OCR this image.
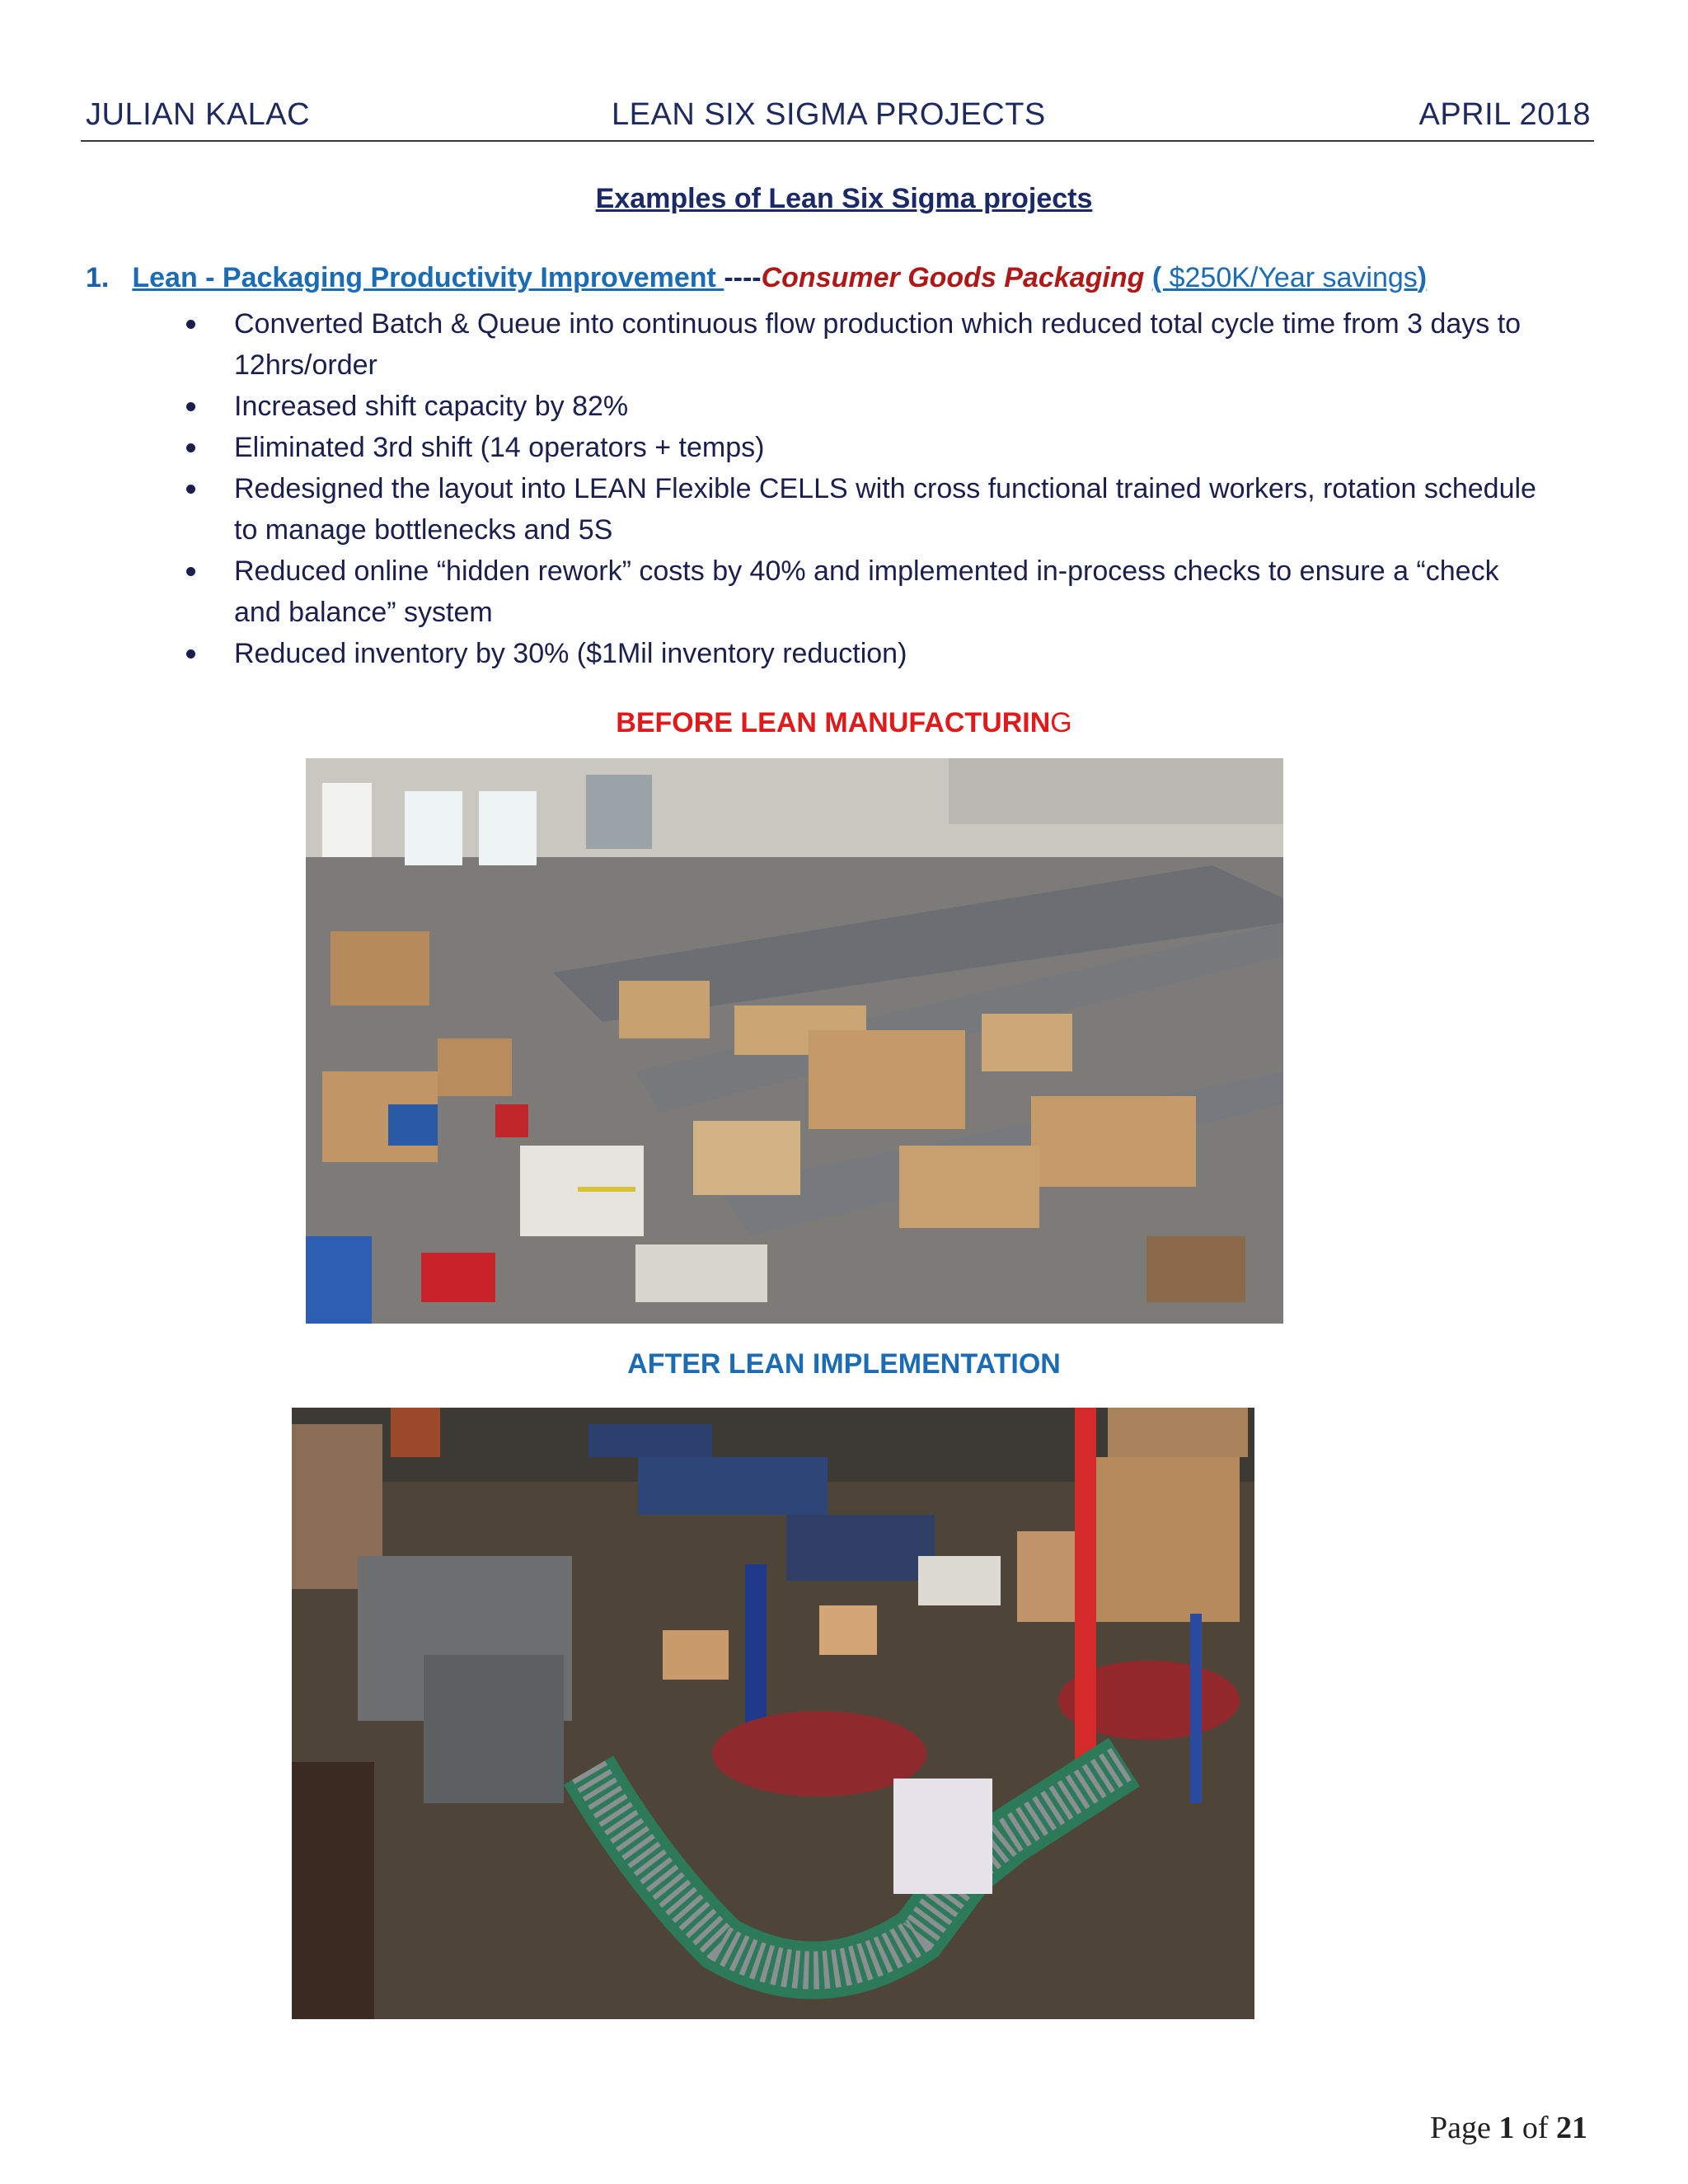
JULIAN KALAC	LEAN SIX SIGMA PROJECTS	APRIL 2018
Examples of Lean Six Sigma projects
1. Lean - Packaging Productivity Improvement ----Consumer Goods Packaging ( $250K/Year savings)
Converted Batch & Queue into continuous flow production which reduced total cycle time from 3 days to 12hrs/order
Increased shift capacity by 82%
Eliminated 3rd shift (14 operators + temps)
Redesigned the layout into LEAN Flexible CELLS with cross functional trained workers, rotation schedule to manage bottlenecks and 5S
Reduced online “hidden rework” costs by 40% and implemented in-process checks to ensure a “check and balance” system
Reduced inventory by 30% ($1Mil inventory reduction)
BEFORE LEAN MANUFACTURING
AFTER LEAN IMPLEMENTATION
Page 1 of 21
